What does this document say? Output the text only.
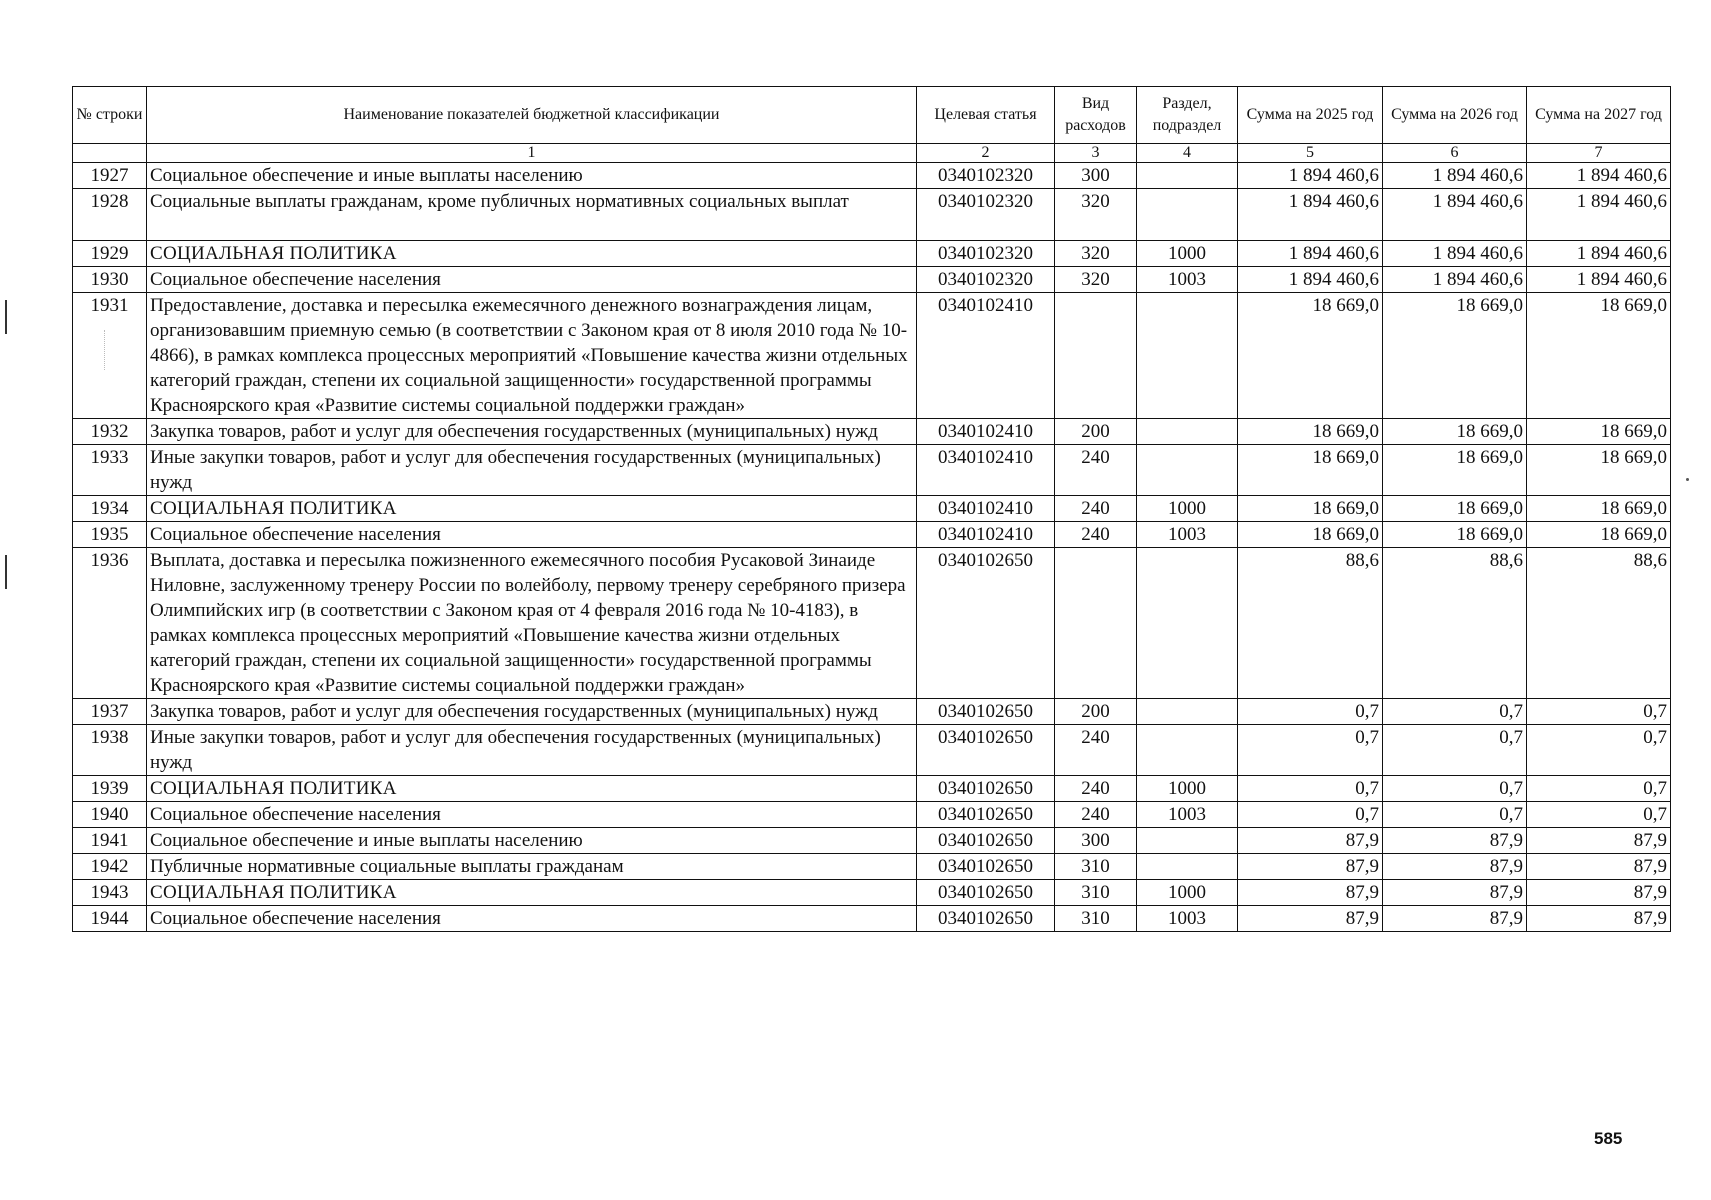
№ строки	Наименование показателей бюджетной классификации	Целевая статья	Вид расходов	Раздел, подраздел	Сумма на 2025 год	Сумма на 2026 год	Сумма на 2027 год
	1	2	3	4	5	6	7
1927	Социальное обеспечение и иные выплаты населению	0340102320	300		1 894 460,6	1 894 460,6	1 894 460,6
1928	Социальные выплаты гражданам, кроме публичных нормативных социальных выплат	0340102320	320		1 894 460,6	1 894 460,6	1 894 460,6
1929	СОЦИАЛЬНАЯ ПОЛИТИКА	0340102320	320	1000	1 894 460,6	1 894 460,6	1 894 460,6
1930	Социальное обеспечение населения	0340102320	320	1003	1 894 460,6	1 894 460,6	1 894 460,6
1931	Предоставление, доставка и пересылка ежемесячного денежного вознаграждения лицам, организовавшим приемную семью (в соответствии с Законом края от 8 июля 2010 года № 10-4866), в рамках комплекса процессных мероприятий «Повышение качества жизни отдельных категорий граждан, степени их социальной защищенности» государственной программы Красноярского края «Развитие системы социальной поддержки граждан»	0340102410			18 669,0	18 669,0	18 669,0
1932	Закупка товаров, работ и услуг для обеспечения государственных (муниципальных) нужд	0340102410	200		18 669,0	18 669,0	18 669,0
1933	Иные закупки товаров, работ и услуг для обеспечения государственных (муниципальных) нужд	0340102410	240		18 669,0	18 669,0	18 669,0
1934	СОЦИАЛЬНАЯ ПОЛИТИКА	0340102410	240	1000	18 669,0	18 669,0	18 669,0
1935	Социальное обеспечение населения	0340102410	240	1003	18 669,0	18 669,0	18 669,0
1936	Выплата, доставка и пересылка пожизненного ежемесячного пособия Русаковой Зинаиде Ниловне, заслуженному тренеру России по волейболу, первому тренеру серебряного призера Олимпийских игр (в соответствии с Законом края от 4 февраля 2016 года № 10-4183), в рамках комплекса процессных мероприятий «Повышение качества жизни отдельных категорий граждан, степени их социальной защищенности» государственной программы Красноярского края «Развитие системы социальной поддержки граждан»	0340102650			88,6	88,6	88,6
1937	Закупка товаров, работ и услуг для обеспечения государственных (муниципальных) нужд	0340102650	200		0,7	0,7	0,7
1938	Иные закупки товаров, работ и услуг для обеспечения государственных (муниципальных) нужд	0340102650	240		0,7	0,7	0,7
1939	СОЦИАЛЬНАЯ ПОЛИТИКА	0340102650	240	1000	0,7	0,7	0,7
1940	Социальное обеспечение населения	0340102650	240	1003	0,7	0,7	0,7
1941	Социальное обеспечение и иные выплаты населению	0340102650	300		87,9	87,9	87,9
1942	Публичные нормативные социальные выплаты гражданам	0340102650	310		87,9	87,9	87,9
1943	СОЦИАЛЬНАЯ ПОЛИТИКА	0340102650	310	1000	87,9	87,9	87,9
1944	Социальное обеспечение населения	0340102650	310	1003	87,9	87,9	87,9
585
